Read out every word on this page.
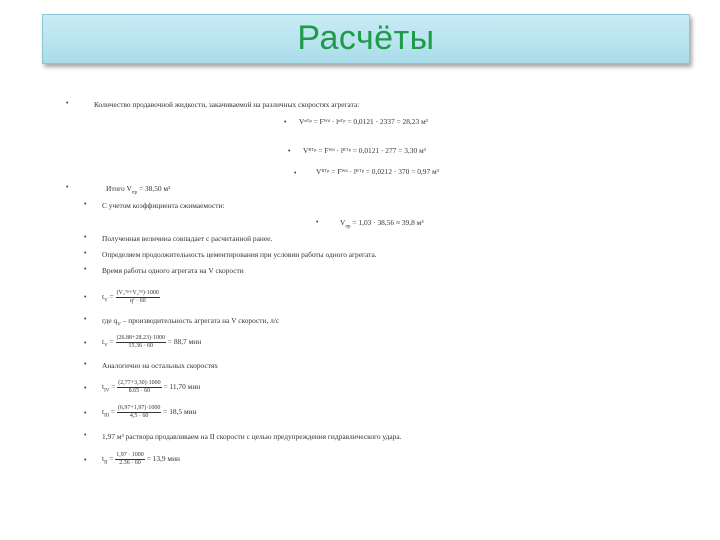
Расчёты
•	Количество продавочной жидкости, закачиваемой на различных скоростях агрегата:
• Vⁿᵀᵖ = Fᵂᵈ · lⁿᵀᵖ = 0,0121 · 2337 = 28,23 м³
• Vᴿᵀᵖ = Fᵂᵈ · lᴿᵀᵖ = 0,0121 · 277 = 3,30 м³
•	Vᴿᵀᵖ = Fᵂᵈ · lᴿᵀᵖ = 0,0212 · 370 = 0,97 м³
•	Итого $V_{пр} = 38,50$ м³
• С учетом коэффициента сжимаемости:
•	$V_{пр} = 1,03 \cdot 38,56 \approx 39,8$ м³
• Полученная величина совпадает с расчитанной ранее.
• Определяем продолжительность цементирования при условии работы одного агрегата.
• Время работы одного агрегата на V скорости
• $t_V = \frac{\text{(V₂ᵀᵖ+V₂ᵀᵖ)·1000}}{\text{qᵛ · 60}}$
• где $q_V$ – производительность агрегата на V скорости, л/с
• $t_V = \frac{(26.88+28.23)\cdot 1000}{15.36 \cdot 60} = 88,7$ мин
• Аналогично на остальных скоростях
• $t_{IV} = \frac{(2,77+3,30)\cdot 1000}{8.65 \cdot 60} = 11,70$ мин
• $t_{III} = \frac{(6,97+1,97)\cdot 1000}{4,5 \cdot 60} = 18,5$ мин
• 1,97 м³ раствора продавливаем на II скорости с целью предупреждения гидравлического удара.
• $t_{II} = \frac{1,97 \cdot 1000}{2.36 \cdot 60} = 13,9$ мин
